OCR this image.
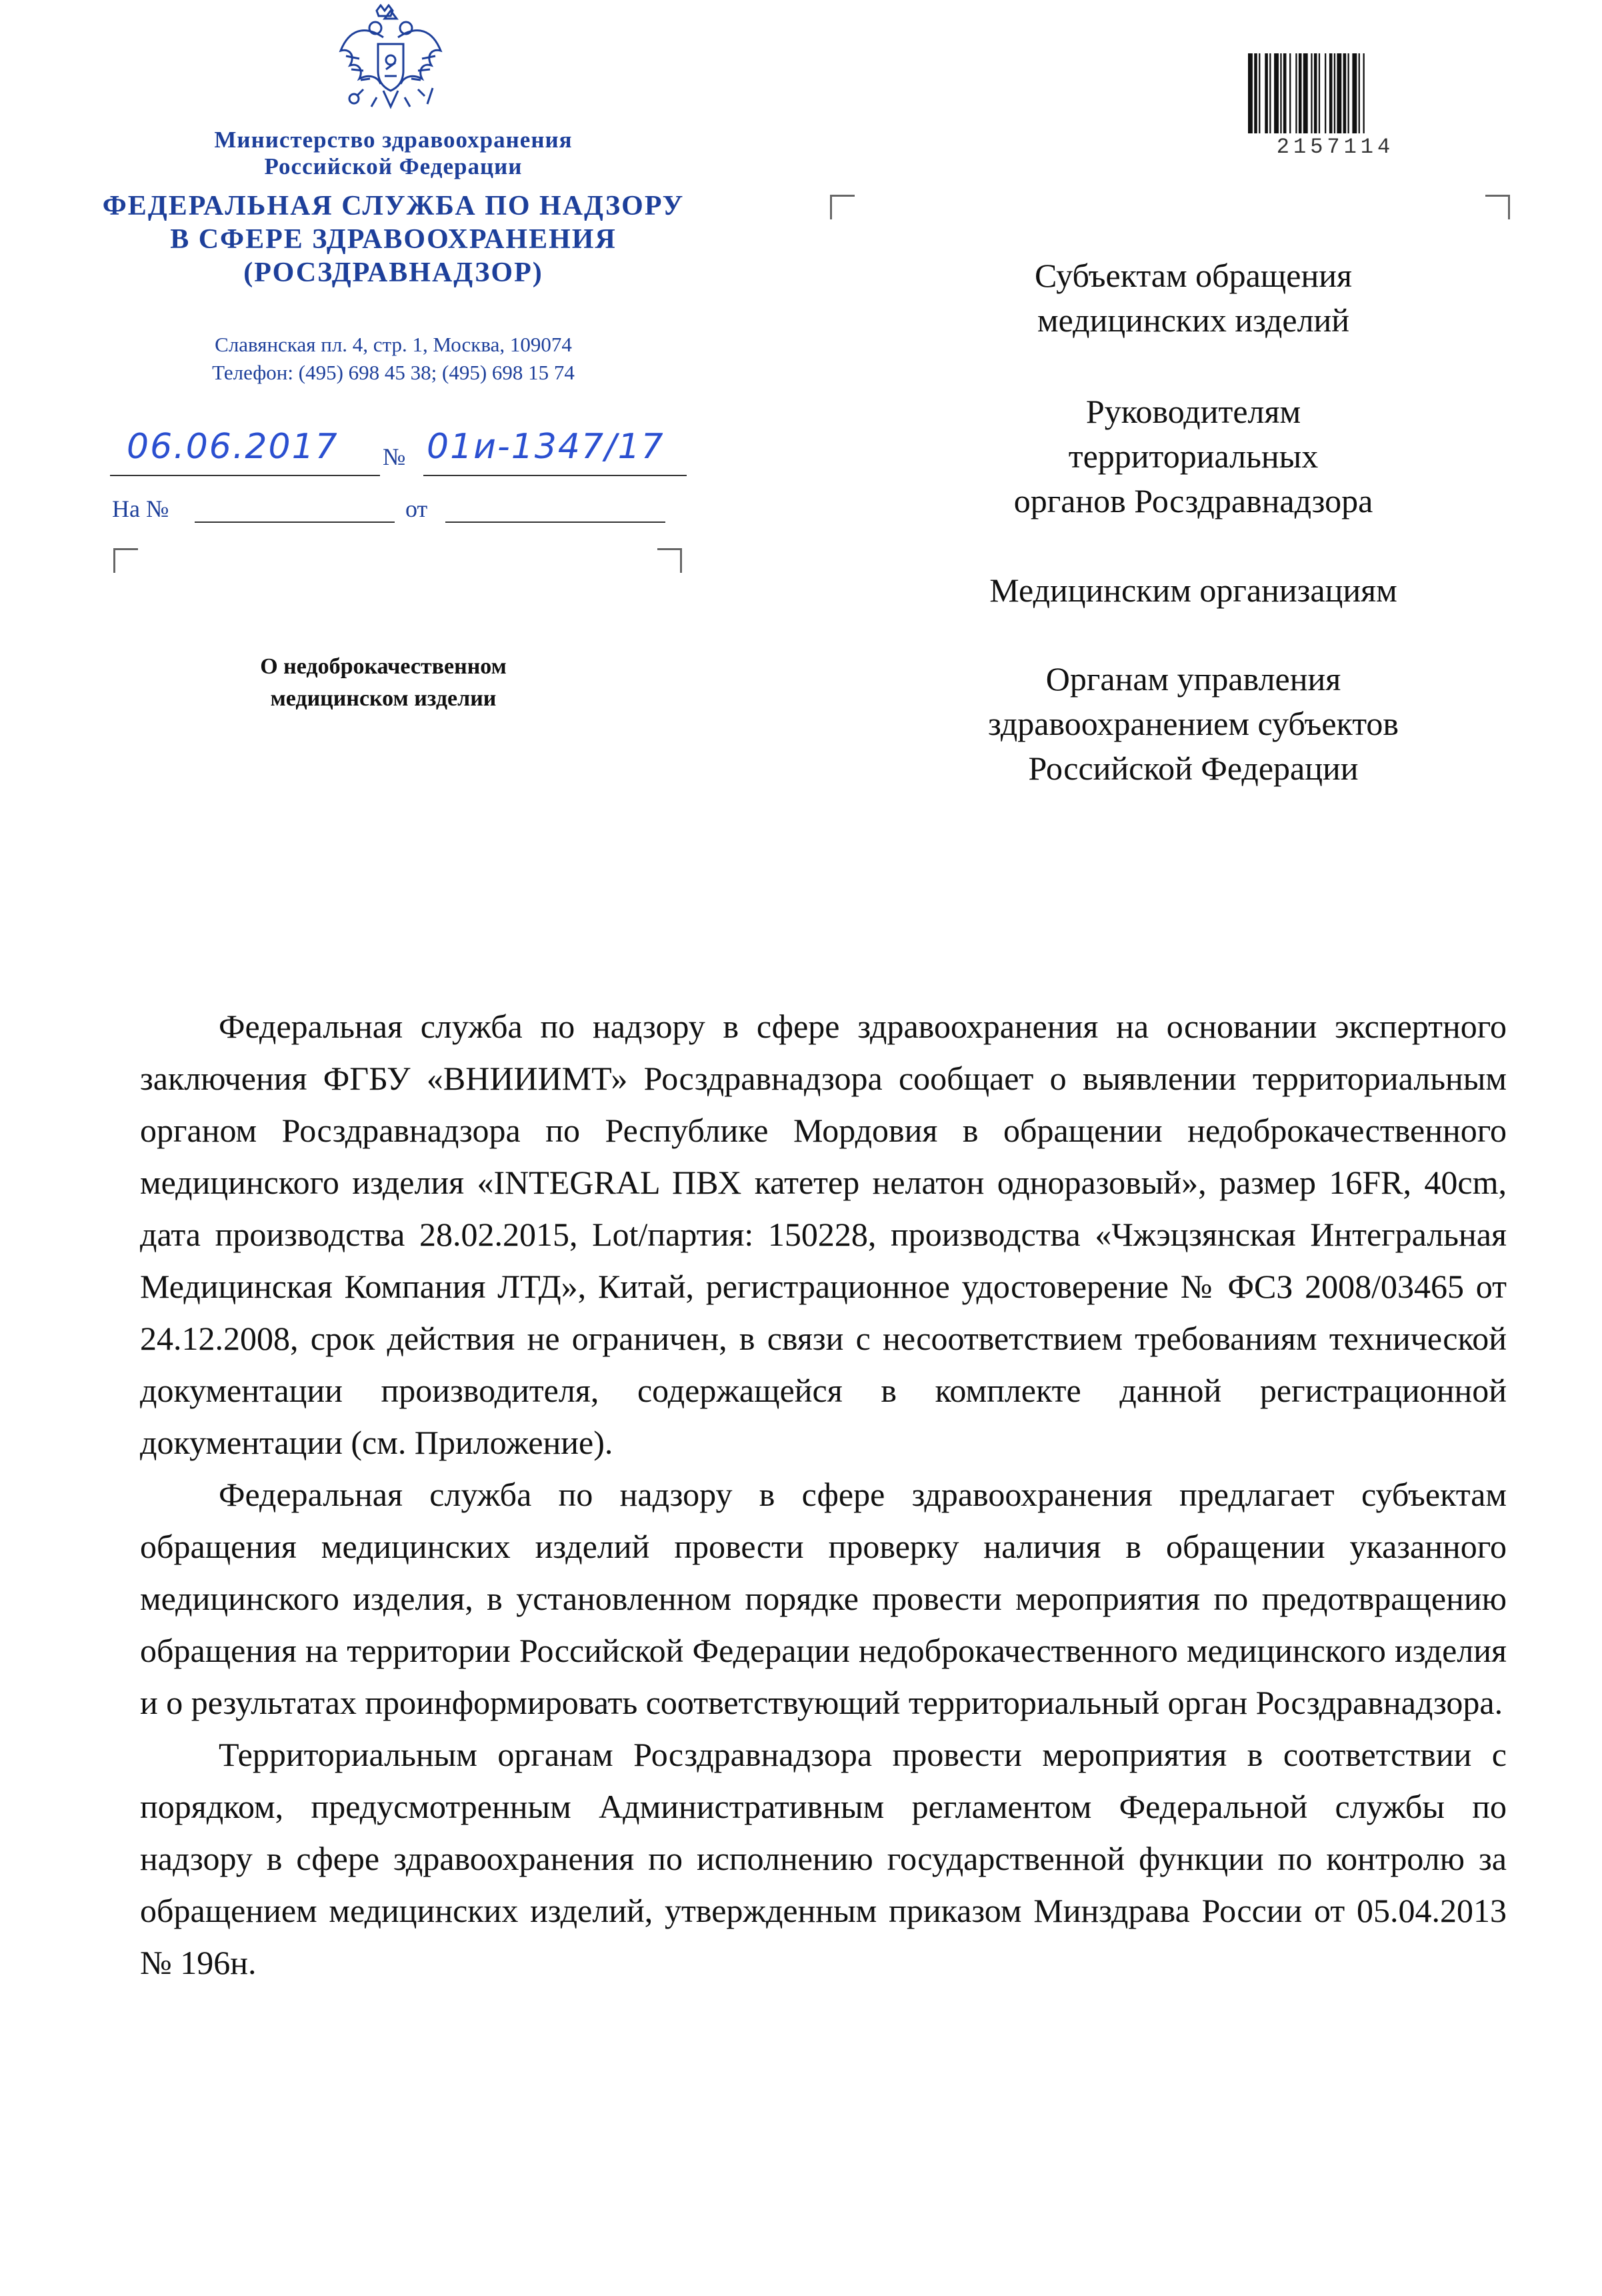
Министерство здравоохранения
Российской Федерации
ФЕДЕРАЛЬНАЯ СЛУЖБА ПО НАДЗОРУ
В СФЕРЕ ЗДРАВООХРАНЕНИЯ
(РОСЗДРАВНАДЗОР)
Славянская пл. 4, стр. 1, Москва, 109074
Телефон: (495) 698 45 38; (495) 698 15 74
06.06.2017 № 01и-1347/17
На №	от
О недоброкачественном
медицинском изделии
2157114
Субъектам обращения
медицинских изделий
Руководителям
территориальных
органов Росздравнадзора
Медицинским организациям
Органам управления
здравоохранением субъектов
Российской Федерации

Федеральная служба по надзору в сфере здравоохранения на основании экспертного заключения ФГБУ «ВНИИИМТ» Росздравнадзора сообщает о выявлении территориальным органом Росздравнадзора по Республике Мордовия в обращении недоброкачественного медицинского изделия «INTEGRAL ПВХ катетер нелатон одноразовый», размер 16FR, 40cm, дата производства 28.02.2015, Lot/партия: 150228, производства «Чжэцзянская Интегральная Медицинская Компания ЛТД», Китай, регистрационное удостоверение № ФСЗ 2008/03465 от 24.12.2008, срок действия не ограничен, в связи с несоответствием требованиям технической документации производителя, содержащейся в комплекте данной регистрационной документации (см. Приложение).

Федеральная служба по надзору в сфере здравоохранения предлагает субъектам обращения медицинских изделий провести проверку наличия в обращении указанного медицинского изделия, в установленном порядке провести мероприятия по предотвращению обращения на территории Российской Федерации недоброкачественного медицинского изделия и о результатах проинформировать соответствующий территориальный орган Росздравнадзора.

Территориальным органам Росздравнадзора провести мероприятия в соответствии с порядком, предусмотренным Административным регламентом Федеральной службы по надзору в сфере здравоохранения по исполнению государственной функции по контролю за обращением медицинских изделий, утвержденным приказом Минздрава России от 05.04.2013 № 196н.
